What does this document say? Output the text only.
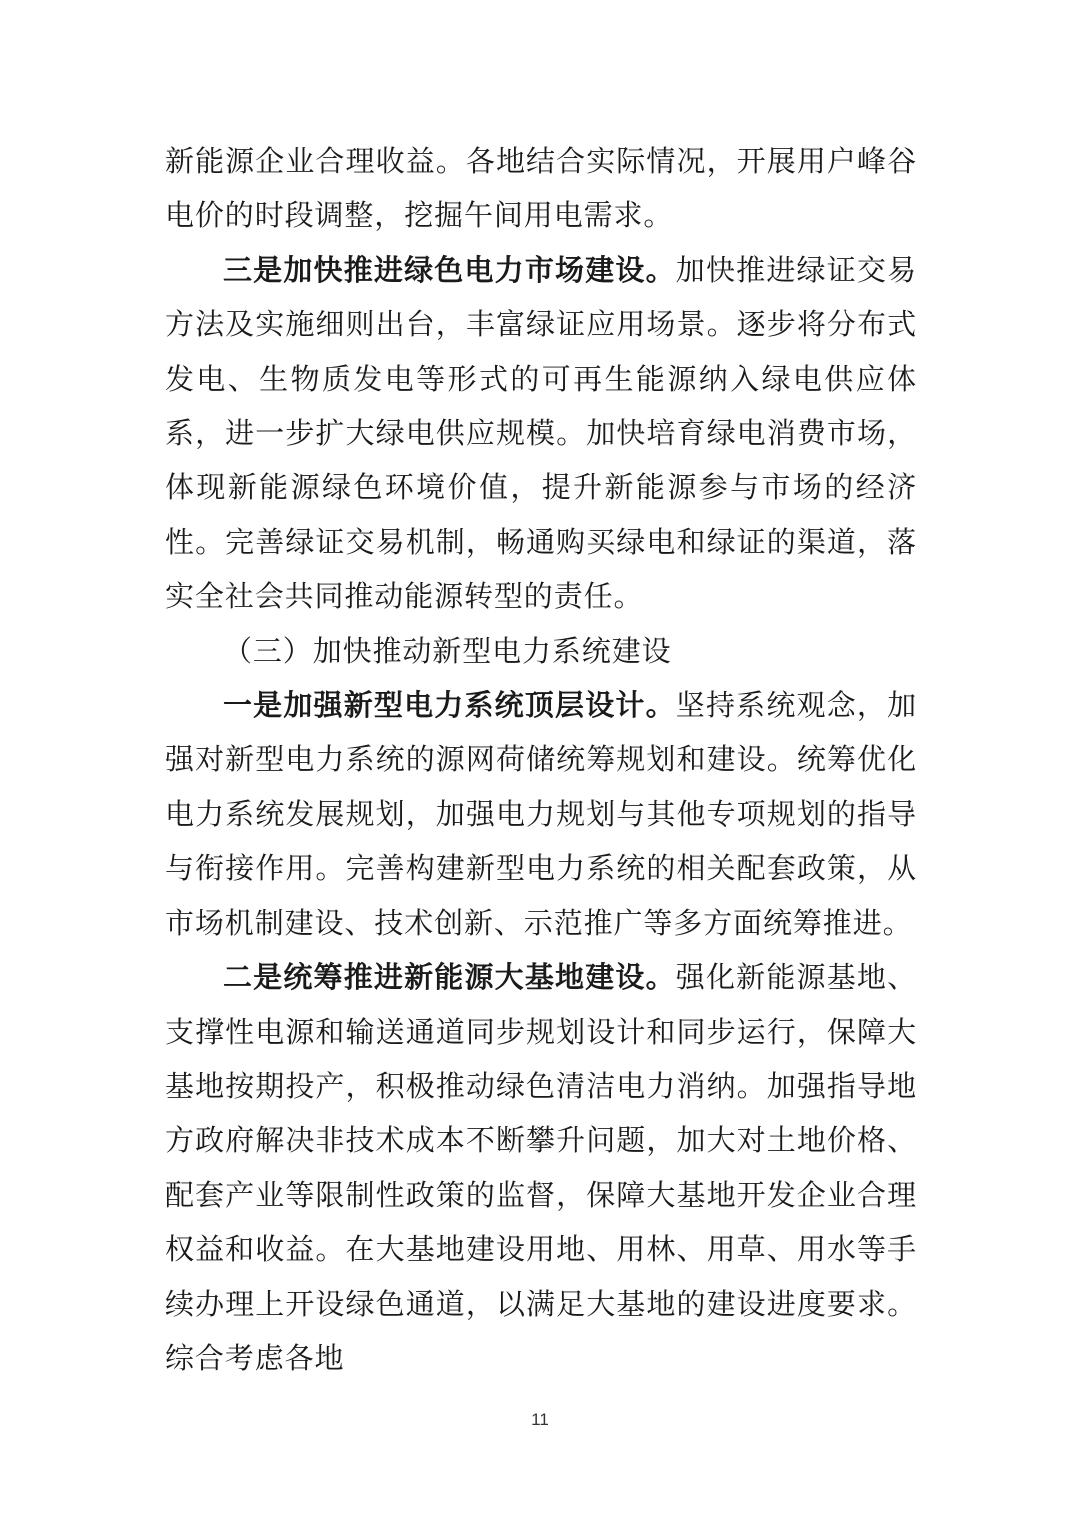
新能源企业合理收益。各地结合实际情况，开展用户峰谷电价的时段调整，挖掘午间用电需求。

三是加快推进绿色电力市场建设。加快推进绿证交易方法及实施细则出台，丰富绿证应用场景。逐步将分布式发电、生物质发电等形式的可再生能源纳入绿电供应体系，进一步扩大绿电供应规模。加快培育绿电消费市场，体现新能源绿色环境价值，提升新能源参与市场的经济性。完善绿证交易机制，畅通购买绿电和绿证的渠道，落实全社会共同推动能源转型的责任。

（三）加快推动新型电力系统建设

一是加强新型电力系统顶层设计。坚持系统观念，加强对新型电力系统的源网荷储统筹规划和建设。统筹优化电力系统发展规划，加强电力规划与其他专项规划的指导与衔接作用。完善构建新型电力系统的相关配套政策，从市场机制建设、技术创新、示范推广等多方面统筹推进。

二是统筹推进新能源大基地建设。强化新能源基地、支撑性电源和输送通道同步规划设计和同步运行，保障大基地按期投产，积极推动绿色清洁电力消纳。加强指导地方政府解决非技术成本不断攀升问题，加大对土地价格、配套产业等限制性政策的监督，保障大基地开发企业合理权益和收益。在大基地建设用地、用林、用草、用水等手续办理上开设绿色通道，以满足大基地的建设进度要求。综合考虑各地

11
